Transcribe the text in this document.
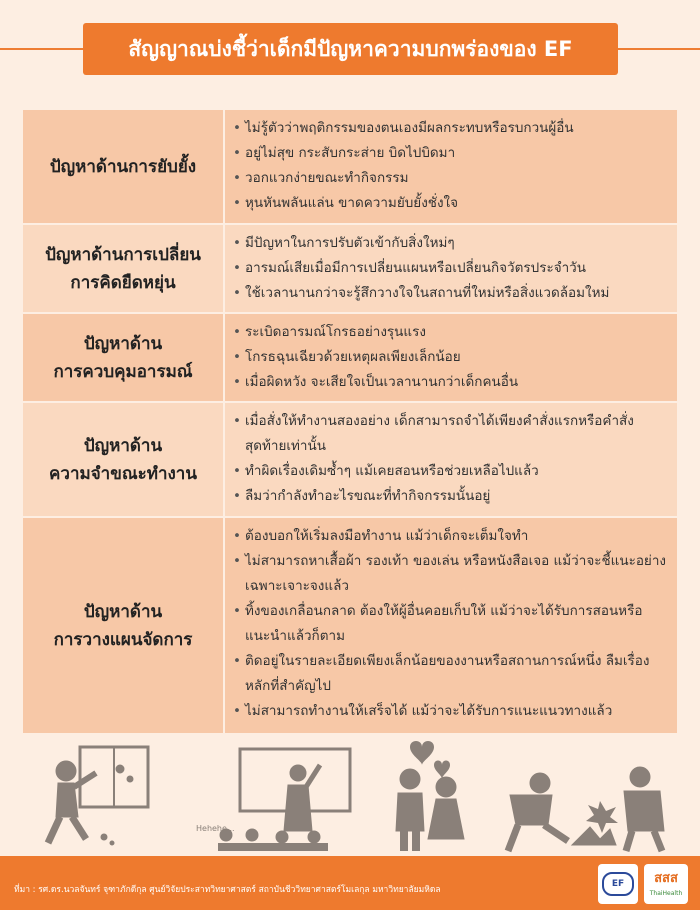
สัญญาณบ่งชี้ว่าเด็กมีปัญหาความบกพร่องของ EF
ปัญหาด้านการยับยั้ง
• ไม่รู้ตัวว่าพฤติกรรมของตนเองมีผลกระทบหรือรบกวนผู้อื่น
• อยู่ไม่สุข กระสับกระส่าย บิดไปบิดมา
• วอกแวกง่ายขณะทำกิจกรรม
• หุนหันพลันแล่น ขาดความยับยั้งชั่งใจ
ปัญหาด้านการเปลี่ยน
การคิดยืดหยุ่น
• มีปัญหาในการปรับตัวเข้ากับสิ่งใหม่ๆ
• อารมณ์เสียเมื่อมีการเปลี่ยนแผนหรือเปลี่ยนกิจวัตรประจำวัน
• ใช้เวลานานกว่าจะรู้สึกวางใจในสถานที่ใหม่หรือสิ่งแวดล้อมใหม่
ปัญหาด้าน
การควบคุมอารมณ์
• ระเบิดอารมณ์โกรธอย่างรุนแรง
• โกรธฉุนเฉียวด้วยเหตุผลเพียงเล็กน้อย
• เมื่อผิดหวัง จะเสียใจเป็นเวลานานกว่าเด็กคนอื่น
ปัญหาด้าน
ความจำขณะทำงาน
• เมื่อสั่งให้ทำงานสองอย่าง เด็กสามารถจำได้เพียงคำสั่งแรกหรือคำสั่งสุดท้ายเท่านั้น
• ทำผิดเรื่องเดิมซ้ำๆ แม้เคยสอนหรือช่วยเหลือไปแล้ว
• ลืมว่ากำลังทำอะไรขณะที่ทำกิจกรรมนั้นอยู่
ปัญหาด้าน
การวางแผนจัดการ
• ต้องบอกให้เริ่มลงมือทำงาน แม้ว่าเด็กจะเต็มใจทำ
• ไม่สามารถหาเสื้อผ้า รองเท้า ของเล่น หรือหนังสือเจอ แม้ว่าจะชี้แนะอย่างเฉพาะเจาะจงแล้ว
• ทิ้งของเกลื่อนกลาด ต้องให้ผู้อื่นคอยเก็บให้ แม้ว่าจะได้รับการสอนหรือแนะนำแล้วก็ตาม
• ติดอยู่ในรายละเอียดเพียงเล็กน้อยของงานหรือสถานการณ์หนึ่ง ลืมเรื่องหลักที่สำคัญไป
• ไม่สามารถทำงานให้เสร็จได้ แม้ว่าจะได้รับการแนะแนวทางแล้ว
Hehehe...
ที่มา : รศ.ดร.นวลจันทร์ จุฑาภักดีกุล ศูนย์วิจัยประสาทวิทยาศาสตร์ สถาบันชีววิทยาศาสตร์โมเลกุล มหาวิทยาลัยมหิดล
EF	สสส
ThaiHealth
